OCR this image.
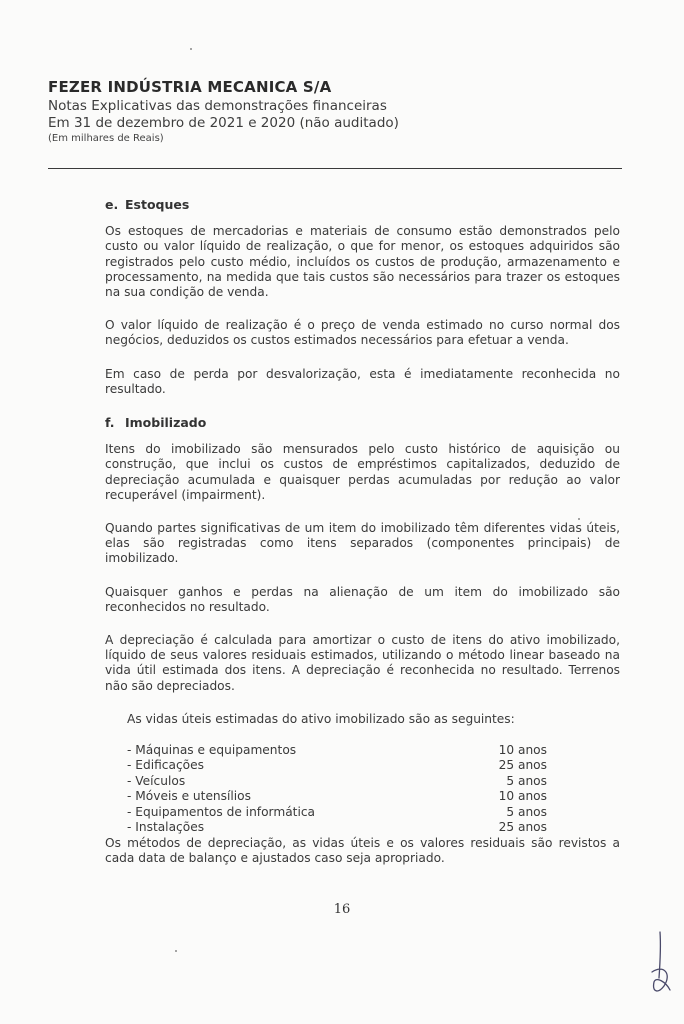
FEZER INDÚSTRIA MECANICA S/A
Notas Explicativas das demonstrações financeiras
Em 31 de dezembro de 2021 e 2020 (não auditado)
(Em milhares de Reais)
e. Estoques

Os estoques de mercadorias e materiais de consumo estão demonstrados pelo custo ou valor líquido de realização, o que for menor, os estoques adquiridos são registrados pelo custo médio, incluídos os custos de produção, armazenamento e processamento, na medida que tais custos são necessários para trazer os estoques na sua condição de venda.

O valor líquido de realização é o preço de venda estimado no curso normal dos negócios, deduzidos os custos estimados necessários para efetuar a venda.

Em caso de perda por desvalorização, esta é imediatamente reconhecida no resultado.

f. Imobilizado

Itens do imobilizado são mensurados pelo custo histórico de aquisição ou construção, que inclui os custos de empréstimos capitalizados, deduzido de depreciação acumulada e quaisquer perdas acumuladas por redução ao valor recuperável (impairment).

Quando partes significativas de um item do imobilizado têm diferentes vidas úteis, elas são registradas como itens separados (componentes principais) de imobilizado.

Quaisquer ganhos e perdas na alienação de um item do imobilizado são reconhecidos no resultado.

A depreciação é calculada para amortizar o custo de itens do ativo imobilizado, líquido de seus valores residuais estimados, utilizando o método linear baseado na vida útil estimada dos itens. A depreciação é reconhecida no resultado. Terrenos não são depreciados.

As vidas úteis estimadas do ativo imobilizado são as seguintes:
- Máquinas e equipamentos	10 anos
- Edificações	25 anos
- Veículos	5 anos
- Móveis e utensílios	10 anos
- Equipamentos de informática	5 anos
- Instalações	25 anos

Os métodos de depreciação, as vidas úteis e os valores residuais são revistos a cada data de balanço e ajustados caso seja apropriado.

16
